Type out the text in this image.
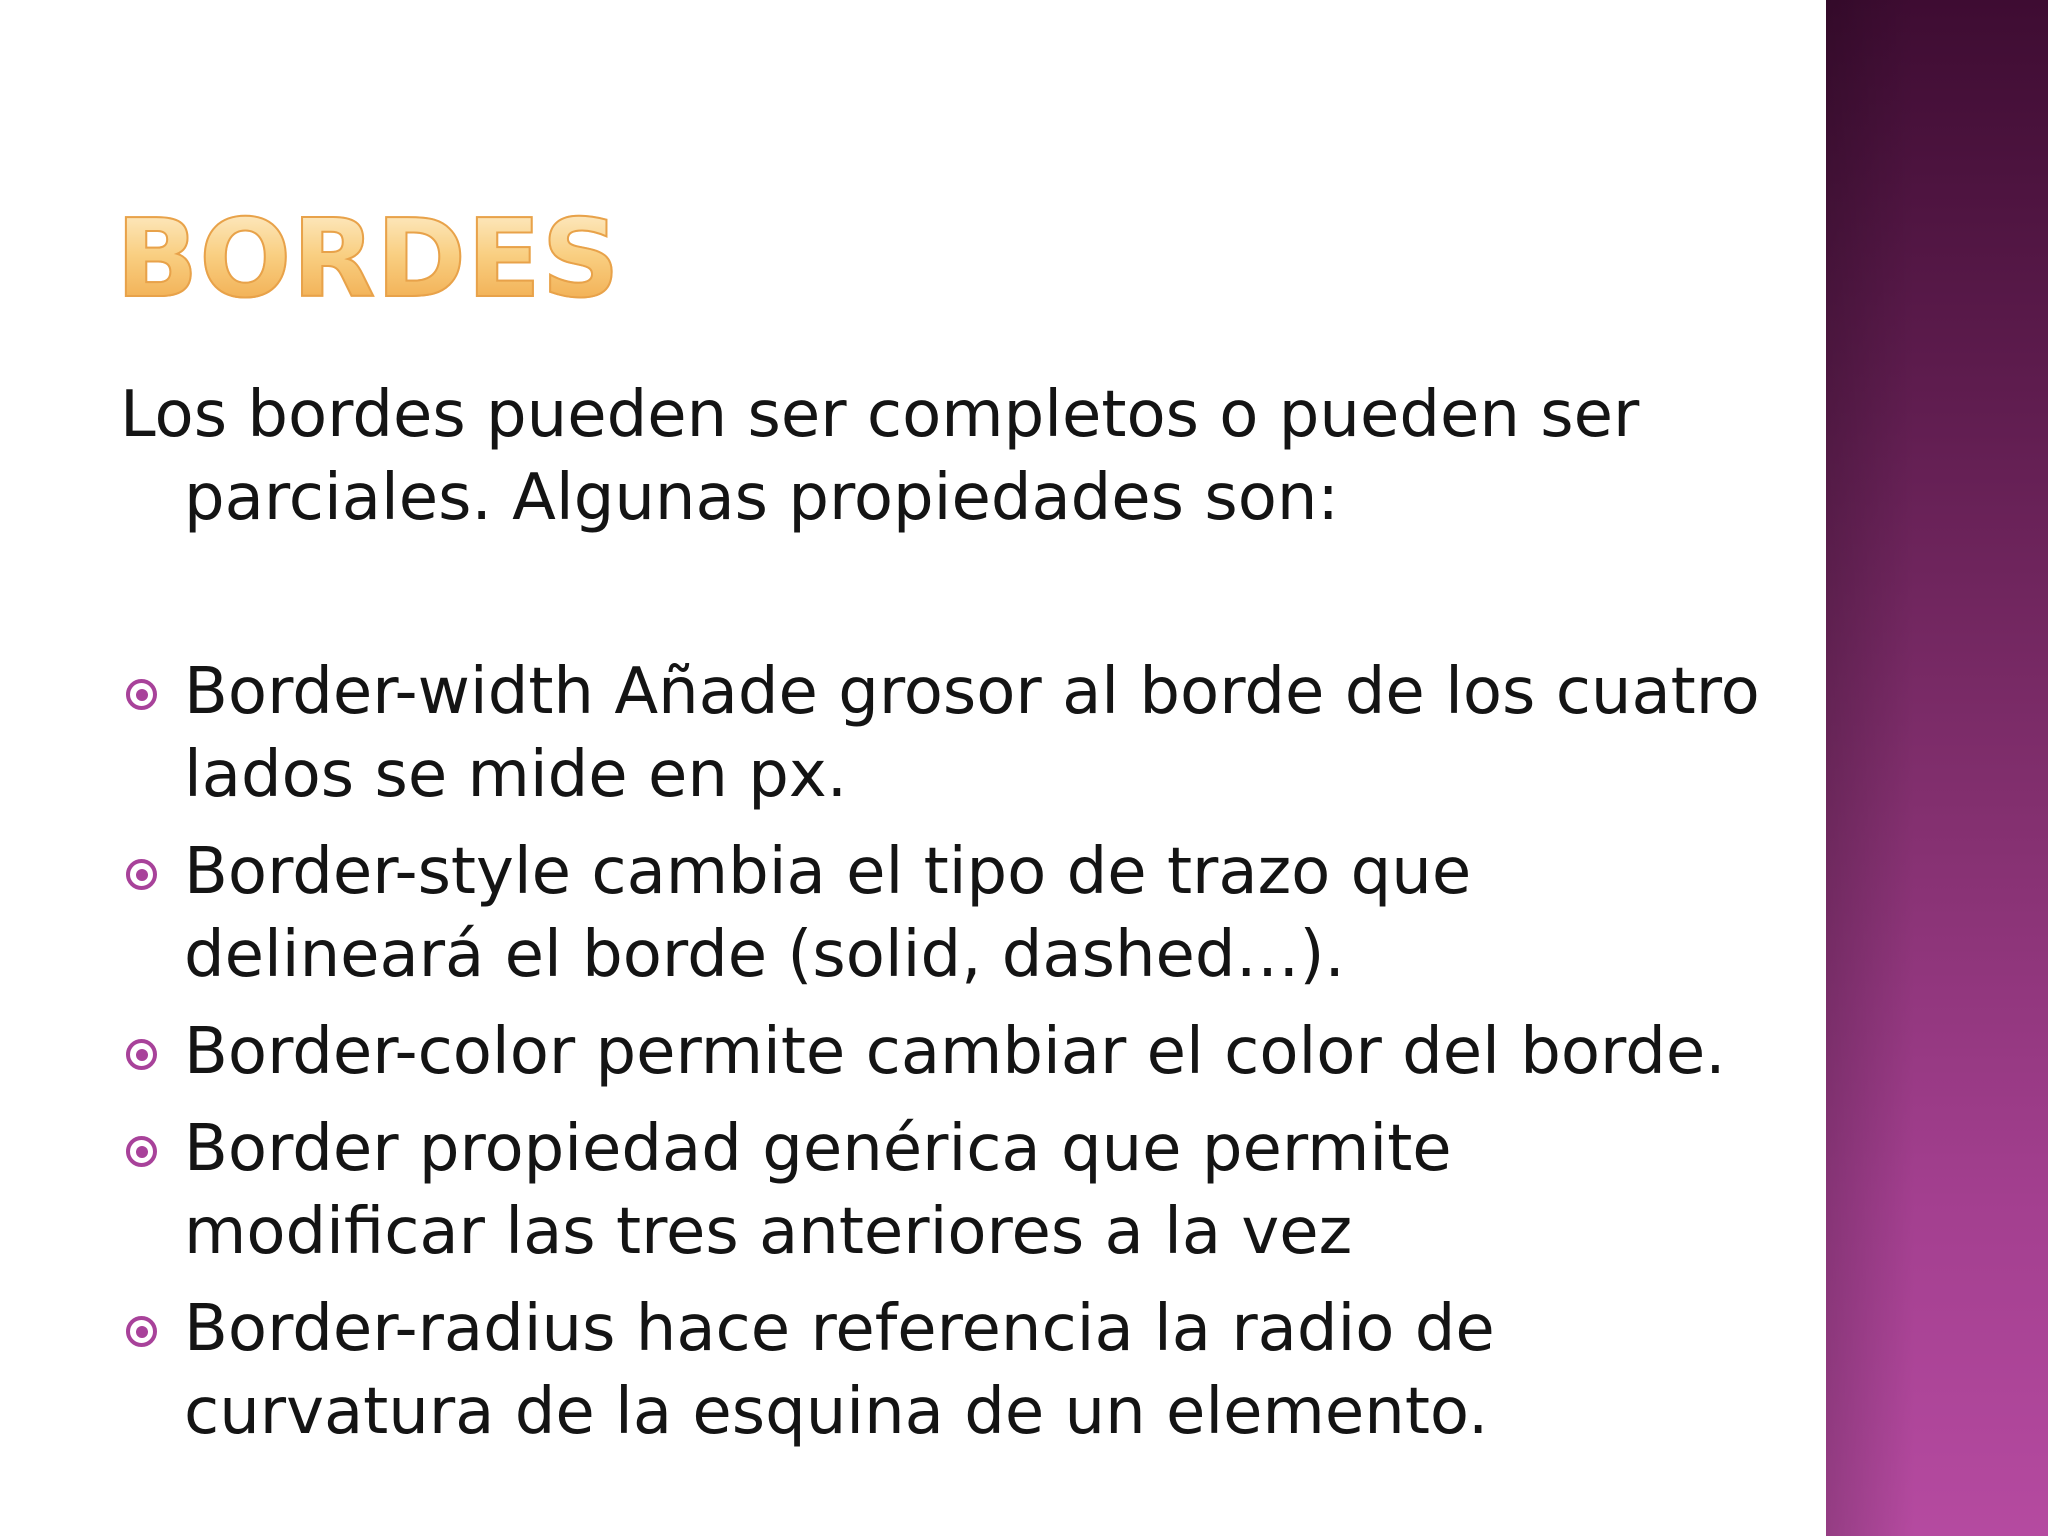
BORDES

Los bordes pueden ser completos o pueden ser parciales. Algunas propiedades son:

Border-width Añade grosor al borde de los cuatro lados se mide en px.
Border-style cambia el tipo de trazo que delineará el borde (solid, dashed…).
Border-color permite cambiar el color del borde.
Border propiedad genérica que permite modificar las tres anteriores a la vez
Border-radius hace referencia la radio de curvatura de la esquina de un elemento.
